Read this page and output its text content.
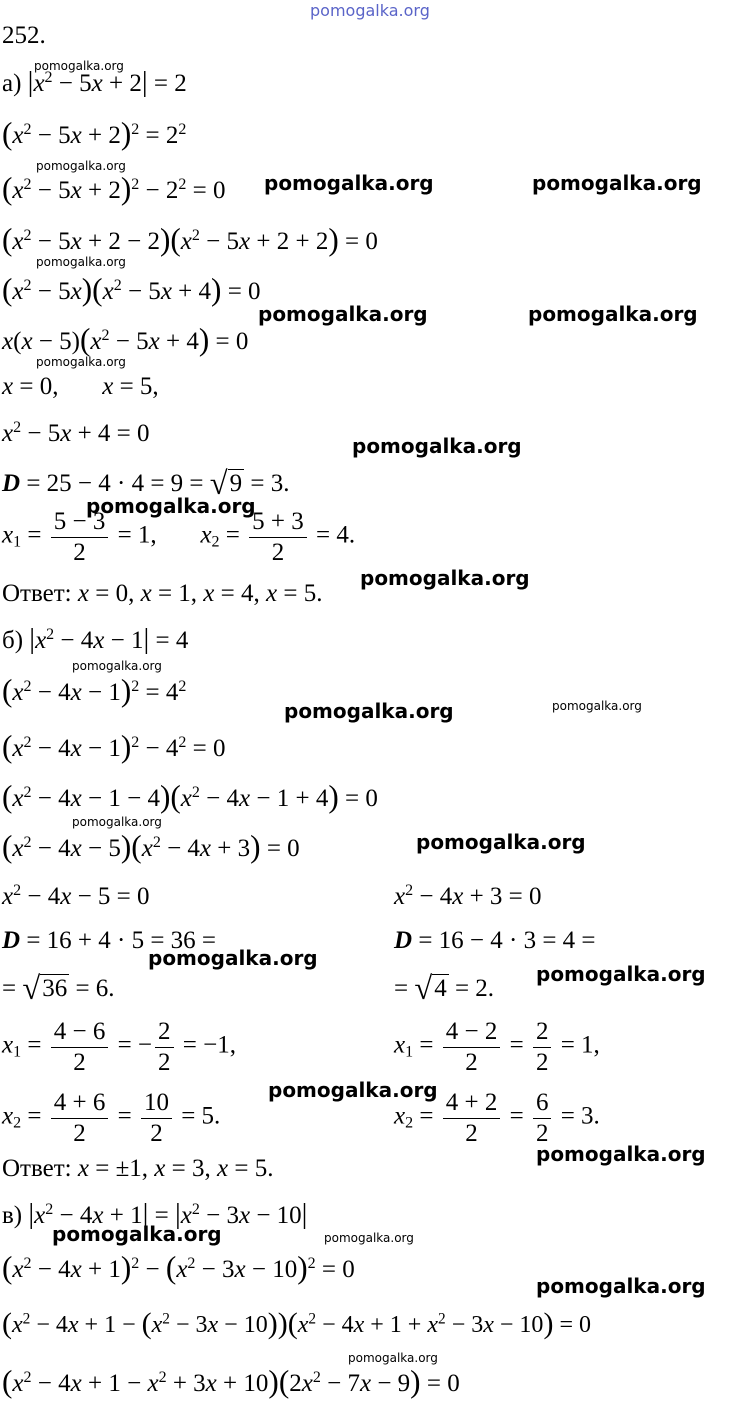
pomogalka.org
252.
а) $|x^2 - 5x + 2| = 2$
$(x^2 - 5x + 2)^2 = 2^2$
$(x^2 - 5x + 2)^2 - 2^2 = 0$
$(x^2 - 5x + 2 - 2)(x^2 - 5x + 2 + 2) = 0$
$(x^2 - 5x)(x^2 - 5x + 4) = 0$
$x(x - 5)(x^2 - 5x + 4) = 0$
x = 0,       x = 5,
$x^2 - 5x + 4 = 0$
D = 25 − 4 · 4 = 9 = √9 = 3.
$x_1 = \frac{5 - 3}{2} = 1$,       $x_2 = \frac{5 + 3}{2} = 4$.
Ответ: x = 0, x = 1, x = 4, x = 5.
б) $|x^2 - 4x - 1| = 4$
$(x^2 - 4x - 1)^2 = 4^2$
$(x^2 - 4x - 1)^2 - 4^2 = 0$
$(x^2 - 4x - 1 - 4)(x^2 - 4x - 1 + 4) = 0$
$(x^2 - 4x - 5)(x^2 - 4x + 3) = 0$
$x^2 - 4x - 5 = 0$
D = 16 + 4 · 5 = 36 =
= √36 = 6.
$x_1 = \frac{4 - 6}{2}$ = − $\frac{2}{2} = -1$,
$x_2 = \frac{4 + 6}{2} = \frac{10}{2} = 5$.
$x^2 - 4x + 3 = 0$
D = 16 − 4 · 3 = 4 =
= √4 = 2.
$x_1 = \frac{4 - 2}{2} = \frac{2}{2} = 1$,
$x_2 = \frac{4 + 2}{2} = \frac{6}{2} = 3$.
Ответ: x = ±1, x = 3, x = 5.
в) $|x^2 - 4x + 1| = |x^2 - 3x - 10|$
$(x^2 - 4x + 1)^2 - (x^2 - 3x - 10)^2 = 0$
$(x^2 - 4x + 1 - (x^2 - 3x - 10))(x^2 - 4x + 1 + x^2 - 3x - 10) = 0$
$(x^2 - 4x + 1 - x^2 + 3x + 10)(2x^2 - 7x - 9) = 0$
pomogalka.org
pomogalka.org
pomogalka.org	pomogalka.org
pomogalka.org
pomogalka.org	pomogalka.org
pomogalka.org
pomogalka.org
pomogalka.org
pomogalka.org
pomogalka.org
pomogalka.org	pomogalka.org
pomogalka.org
pomogalka.org
pomogalka.org
pomogalka.org
pomogalka.org
pomogalka.org
pomogalka.org	pomogalka.org
pomogalka.org
pomogalka.org
